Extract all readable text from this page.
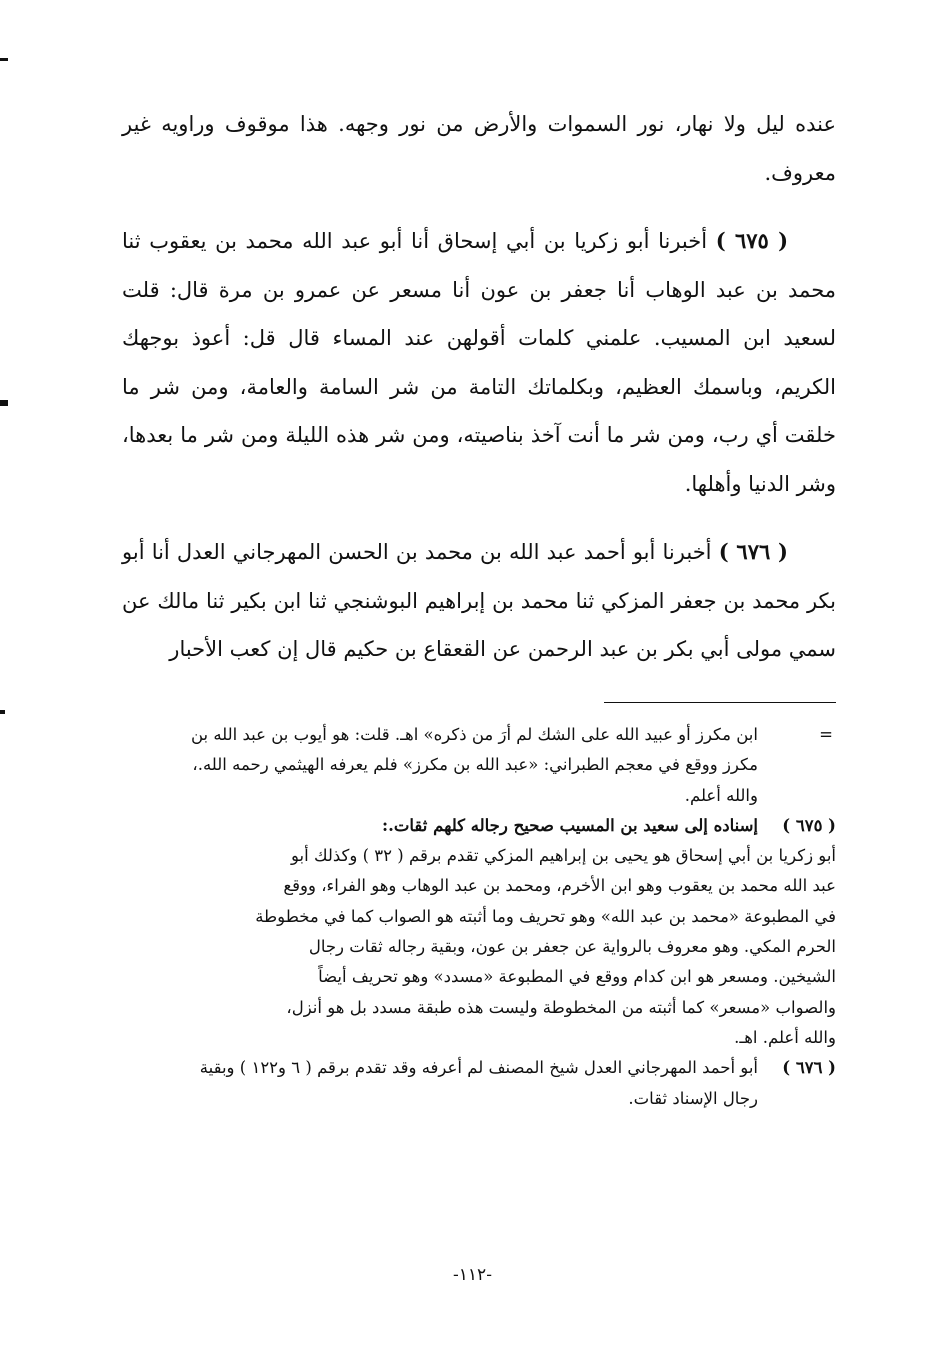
عنده ليل ولا نهار، نور السموات والأرض من نور وجهه. هذا موقوف وراويه غير معروف.

( ٦٧٥ ) أخبرنا أبو زكريا بن أبي إسحاق أنا أبو عبد الله محمد بن يعقوب ثنا محمد بن عبد الوهاب أنا جعفر بن عون أنا مسعر عن عمرو بن مرة قال: قلت لسعيد ابن المسيب. علمني كلمات أقولهن عند المساء قال قل: أعوذ بوجهك الكريم، وباسمك العظيم، وبكلماتك التامة من شر السامة والعامة، ومن شر ما خلقت أي رب، ومن شر ما أنت آخذ بناصيته، ومن شر هذه الليلة ومن شر ما بعدها، وشر الدنيا وأهلها.

( ٦٧٦ ) أخبرنا أبو أحمد عبد الله بن محمد بن الحسن المهرجاني العدل أنا أبو بكر محمد بن جعفر المزكي ثنا محمد بن إبراهيم البوشنجي ثنا ابن بكير ثنا مالك عن سمي مولى أبي بكر بن عبد الرحمن عن القعقاع بن حكيم قال إن كعب الأحبار

=
ابن مكرز أو عبيد الله على الشك لم أرَ من ذكره» اهـ. قلت: هو أيوب بن عبد الله بن
مكرز ووقع في معجم الطبراني: «عبد الله بن مكرز» فلم يعرفه الهيثمي رحمه الله.،
والله أعلم.
( ٦٧٥ )
إسناده إلى سعيد بن المسيب صحيح رجاله كلهم ثقات.:
أبو زكريا بن أبي إسحاق هو يحيى بن إبراهيم المزكي تقدم برقم ( ٣٢ ) وكذلك أبو
عبد الله محمد بن يعقوب وهو ابن الأخرم، ومحمد بن عبد الوهاب وهو الفراء، ووقع
في المطبوعة «محمد بن عبد الله» وهو تحريف وما أثبته هو الصواب كما في مخطوطة
الحرم المكي. وهو معروف بالرواية عن جعفر بن عون، وبقية رجاله ثقات رجال
الشيخين. ومسعر هو ابن كدام ووقع في المطبوعة «مسدد» وهو تحريف أيضاً
والصواب «مسعر» كما أثبته من المخطوطة وليست هذه طبقة مسدد بل هو أنزل،
والله أعلم. اهـ.
( ٦٧٦ )
أبو أحمد المهرجاني العدل شيخ المصنف لم أعرفه وقد تقدم برقم ( ٦ و١٢٢ ) وبقية
رجال الإسناد ثقات.
-١١٢-
